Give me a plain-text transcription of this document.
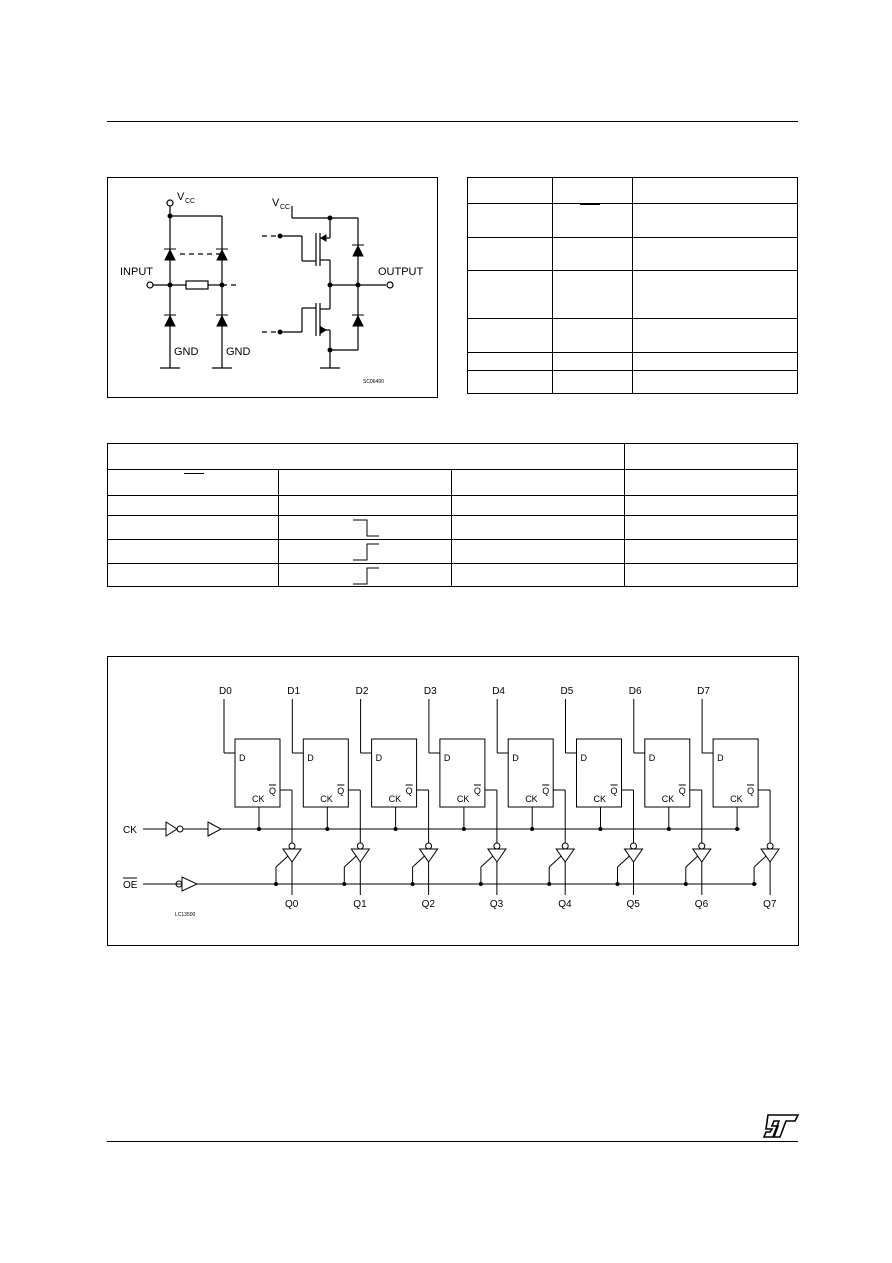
V CC	V CC
INPUT	OUTPUT
GND	GND
SC06490

D0
D
CK
Q
Q0
D1
D
CK
Q
Q1
D2
D
CK
Q
Q2
D3
D
CK
Q
Q3
D4
D
CK
Q
Q4
D5
D
CK
Q
Q5
D6
D
CK
Q
Q6
D7
D
CK
Q
Q7
CK
OE
LC13500
